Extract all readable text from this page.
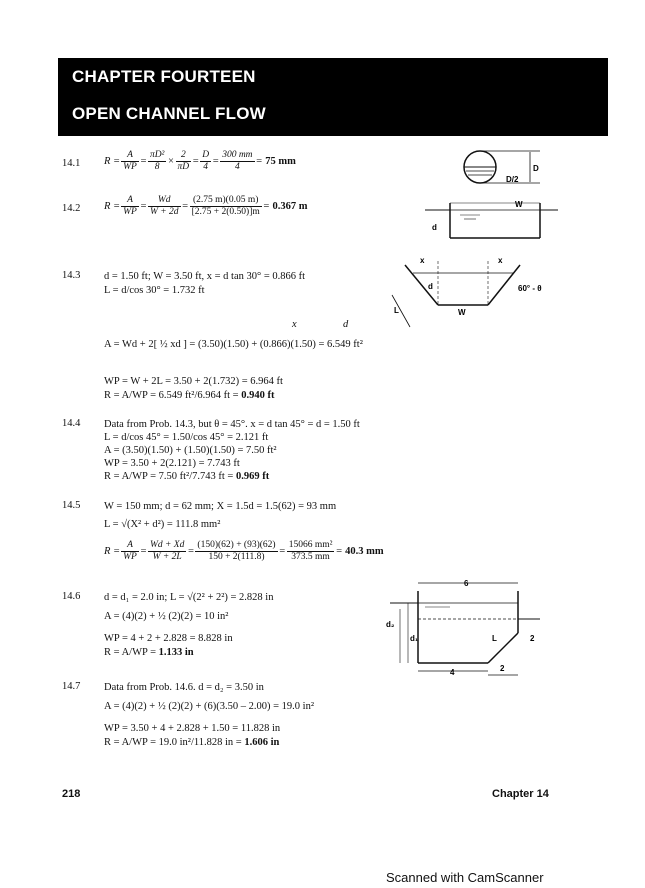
CHAPTER FOURTEEN
OPEN CHANNEL FLOW
14.1 $R = \frac{A}{WP} = \frac{\text{πD²}}{8} \times \frac{2}{\pi D} = \frac{D}{4} = \frac{300 mm}{4} = 75$ mm
D
D/2
14.2 $R = \frac{A}{WP} = \frac{Wd}{W + 2d} = \frac{(2.75 m)(0.05 m)}{[2.75 + 2(0.50)]m} = 0.367$ m	W
d
14.3 d = 1.50 ft; W = 3.50 ft, x = d tan 30° = 0.866 ft
L = d/cos 30° = 1.732 ft
x	d
A = Wd + 2[ ½ xd ] = (3.50)(1.50) + (0.866)(1.50) = 6.549 ft²
WP = W + 2L = 3.50 + 2(1.732) = 6.964 ft
R = A/WP = 6.549 ft²/6.964 ft = 0.940 ft
x	x
d
L	W
60° - θ
14.4 Data from Prob. 14.3, but θ = 45°. x = d tan 45° = d = 1.50 ft
L = d/cos 45° = 1.50/cos 45° = 2.121 ft
A = (3.50)(1.50) + (1.50)(1.50) = 7.50 ft²
WP = 3.50 + 2(2.121) = 7.743 ft
R = A/WP = 7.50 ft²/7.743 ft = 0.969 ft
14.5 W = 150 mm; d = 62 mm; X = 1.5d = 1.5(62) = 93 mm
L = √(X² + d²) = 111.8 mm²
$R = \frac{A}{WP} = \frac{Wd + Xd}{W + 2L} = \frac{(150)(62) + (93)(62)}{150 + 2(111.8)} = \frac{\text{15066 mm²}}{373.5 mm} = 40.3$ mm
14.6 d = d₁ = 2.0 in; L = √(2² + 2²) = 2.828 in
A = (4)(2) + ½ (2)(2) = 10 in²
WP = 4 + 2 + 2.828 = 8.828 in
R = A/WP = 1.133 in
6
d₂
d₁	L	2
4	2
14.7 Data from Prob. 14.6. d = d₂ = 3.50 in
A = (4)(2) + ½ (2)(2) + (6)(3.50 – 2.00) = 19.0 in²
WP = 3.50 + 4 + 2.828 + 1.50 = 11.828 in
R = A/WP = 19.0 in²/11.828 in = 1.606 in
218	Chapter 14
Scanned with CamScanner
